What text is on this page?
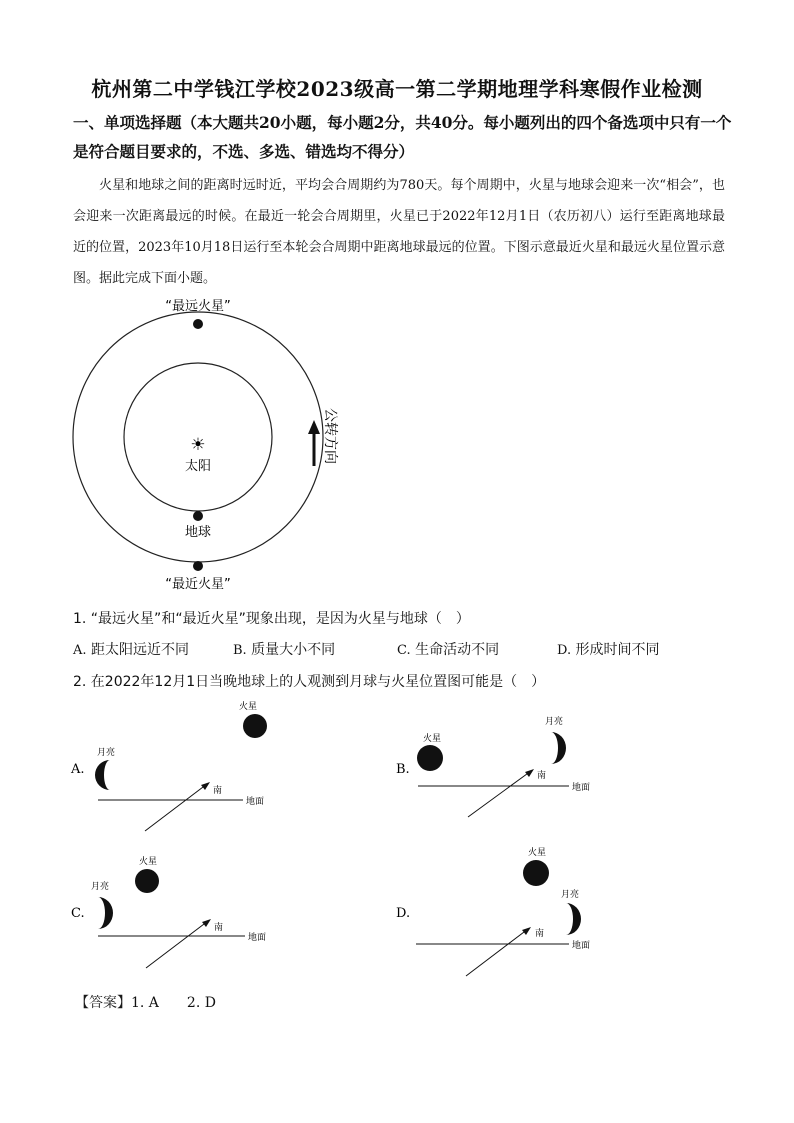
杭州第二中学钱江学校2023级高一第二学期地理学科寒假作业检测
一、单项选择题（本大题共20小题，每小题2分，共40分。每小题列出的四个备选项中只有一个是符合题目要求的，不选、多选、错选均不得分）
火星和地球之间的距离时远时近，平均会合周期约为780天。每个周期中，火星与地球会迎来一次“相会”，也会迎来一次距离最远的时候。在最近一轮会合周期里，火星已于2022年12月1日（农历初八）运行至距离地球最近的位置，2023年10月18日运行至本轮会合周期中距离地球最远的位置。下图示意最近火星和最远火星位置示意图。据此完成下面小题。
“最远火星”
“最近火星”
☀
太阳
地球
公转方向
1. “最远火星”和“最近火星”现象出现，是因为火星与地球（　）
A. 距太阳远近不同	B. 质量大小不同	C. 生命活动不同	D. 形成时间不同
2. 在2022年12月1日当晚地球上的人观测到月球与火星位置图可能是（　）
A.
火星
月亮
地面
南
B.
火星
月亮
地面
南
C.
火星
月亮
地面
南
D.
火星
月亮
地面
南
【答案】1. A　　2. D
